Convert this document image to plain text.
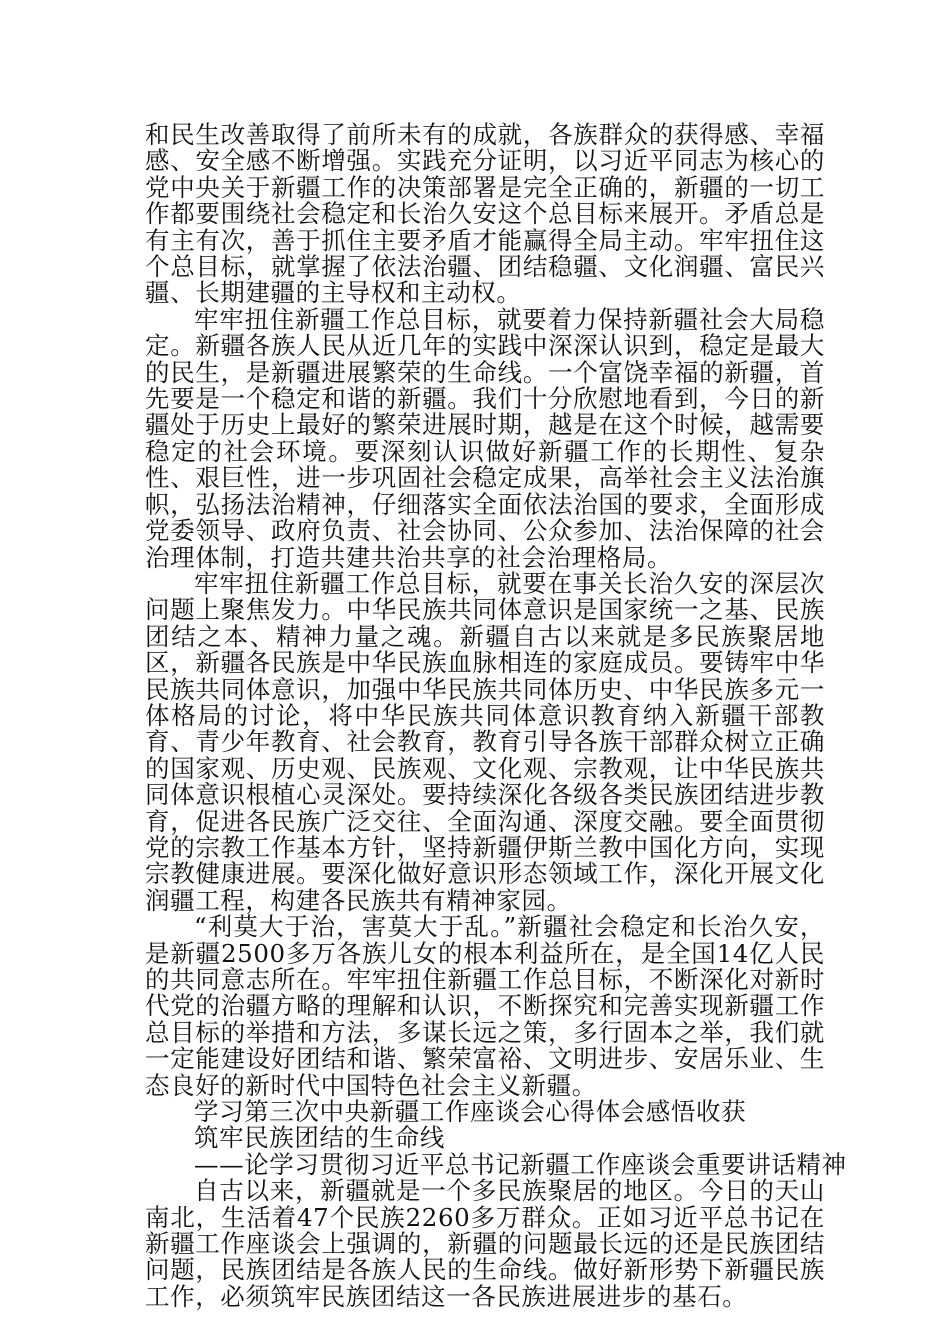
和民生改善取得了前所未有的成就，各族群众的获得感、幸福感、安全感不断增强。实践充分证明，以习近平同志为核心的党中央关于新疆工作的决策部署是完全正确的，新疆的一切工作都要围绕社会稳定和长治久安这个总目标来展开。矛盾总是有主有次，善于抓住主要矛盾才能赢得全局主动。牢牢扭住这个总目标，就掌握了依法治疆、团结稳疆、文化润疆、富民兴疆、长期建疆的主导权和主动权。

牢牢扭住新疆工作总目标，就要着力保持新疆社会大局稳定。新疆各族人民从近几年的实践中深深认识到，稳定是最大的民生，是新疆进展繁荣的生命线。一个富饶幸福的新疆，首先要是一个稳定和谐的新疆。我们十分欣慰地看到，今日的新疆处于历史上最好的繁荣进展时期，越是在这个时候，越需要稳定的社会环境。要深刻认识做好新疆工作的长期性、复杂性、艰巨性，进一步巩固社会稳定成果，高举社会主义法治旗帜，弘扬法治精神，仔细落实全面依法治国的要求，全面形成党委领导、政府负责、社会协同、公众参加、法治保障的社会治理体制，打造共建共治共享的社会治理格局。

牢牢扭住新疆工作总目标，就要在事关长治久安的深层次问题上聚焦发力。中华民族共同体意识是国家统一之基、民族团结之本、精神力量之魂。新疆自古以来就是多民族聚居地区，新疆各民族是中华民族血脉相连的家庭成员。要铸牢中华民族共同体意识，加强中华民族共同体历史、中华民族多元一体格局的讨论，将中华民族共同体意识教育纳入新疆干部教育、青少年教育、社会教育，教育引导各族干部群众树立正确的国家观、历史观、民族观、文化观、宗教观，让中华民族共同体意识根植心灵深处。要持续深化各级各类民族团结进步教育，促进各民族广泛交往、全面沟通、深度交融。要全面贯彻党的宗教工作基本方针，坚持新疆伊斯兰教中国化方向，实现宗教健康进展。要深化做好意识形态领域工作，深化开展文化润疆工程，构建各民族共有精神家园。

“利莫大于治，害莫大于乱。”新疆社会稳定和长治久安，是新疆2500多万各族儿女的根本利益所在，是全国14亿人民的共同意志所在。牢牢扭住新疆工作总目标，不断深化对新时代党的治疆方略的理解和认识，不断探究和完善实现新疆工作总目标的举措和方法，多谋长远之策，多行固本之举，我们就一定能建设好团结和谐、繁荣富裕、文明进步、安居乐业、生态良好的新时代中国特色社会主义新疆。

学习第三次中央新疆工作座谈会心得体会感悟收获

筑牢民族团结的生命线

——论学习贯彻习近平总书记新疆工作座谈会重要讲话精神

自古以来，新疆就是一个多民族聚居的地区。今日的天山南北，生活着47个民族2260多万群众。正如习近平总书记在新疆工作座谈会上强调的，新疆的问题最长远的还是民族团结问题，民族团结是各族人民的生命线。做好新形势下新疆民族工作，必须筑牢民族团结这一各民族进展进步的基石。
